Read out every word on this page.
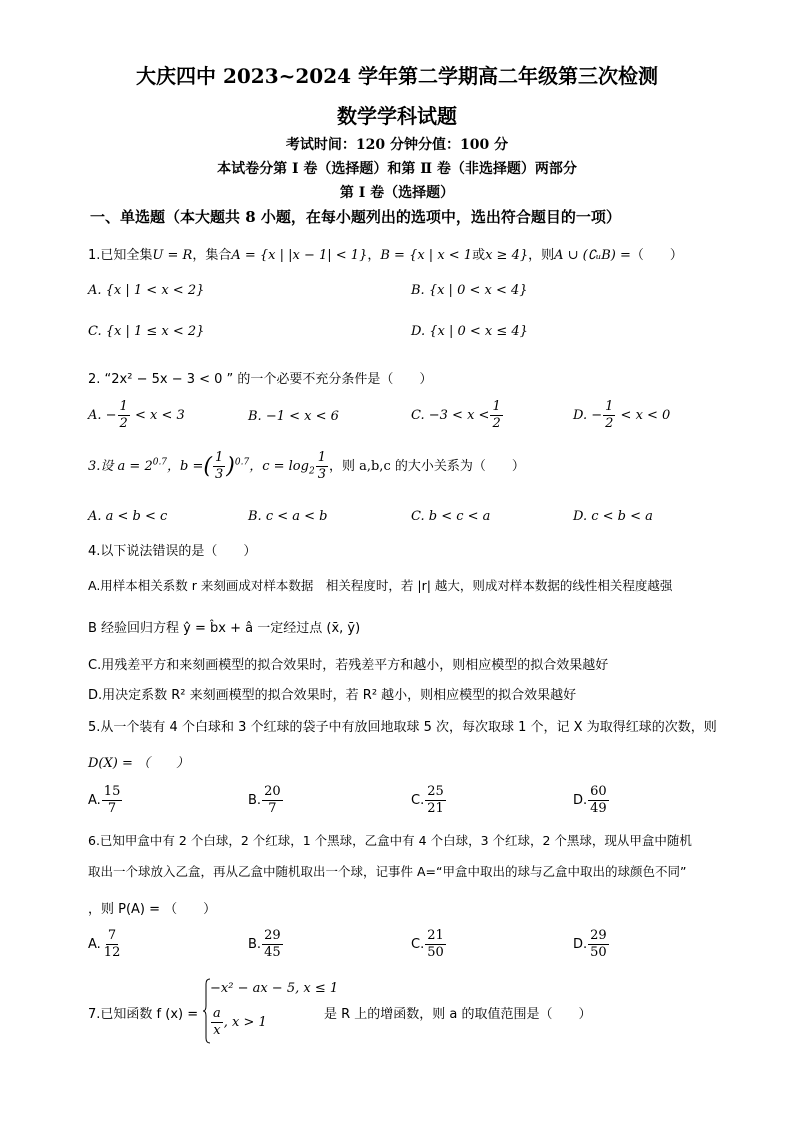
大庆四中 2023~2024 学年第二学期高二年级第三次检测
数学学科试题
考试时间：120 分钟分值：100 分
本试卷分第 Ⅰ 卷（选择题）和第 Ⅱ 卷（非选择题）两部分
第 Ⅰ 卷（选择题）
一、单选题（本大题共 8 小题，在每小题列出的选项中，选出符合题目的一项）
1.已知全集U = R，集合A = {x | |x − 1| < 1}，B = {x | x < 1或x ≥ 4}，则A ∪ (∁ᵤB) =（　　）
A. {x | 1 < x < 2}	B. {x | 0 < x < 4}
C. {x | 1 ≤ x < 2}	D. {x | 0 < x ≤ 4}
2. “2x² − 5x − 3 < 0 ” 的一个必要不充分条件是（　　）
A. − $\frac{1}{2} < x < 3$	B. −1 < x < 6	C. $-3 < x < \frac{1}{2}$	D. − $\frac{1}{2} < x < 0$
3.设 $a = 2^{0.7}$，b =( $\frac{1}{3} )^{0.7}$，$c = \log_2 \frac{1}{3}$ ，则 a,b,c 的大小关系为（　　）
A. a < b < c	B. c < a < b	C. b < c < a	D. c < b < a
4.以下说法错误的是（　　）
A.用样本相关系数 r 来刻画成对样本数据　相关程度时，若 |r| 越大，则成对样本数据的线性相关程度越强
B 经验回归方程 ŷ = b̂x + â 一定经过点 (x̄, ȳ)
C.用残差平方和来刻画模型的拟合效果时，若残差平方和越小，则相应模型的拟合效果越好
D.用决定系数 R² 来刻画模型的拟合效果时，若 R² 越小，则相应模型的拟合效果越好
5.从一个装有 4 个白球和 3 个红球的袋子中有放回地取球 5 次，每次取球 1 个，记 X 为取得红球的次数，则
D(X) = （　　）
A. $\frac{15}{7}$	B. $\frac{20}{7}$	C. $\frac{25}{21}$	D. $\frac{60}{49}$
6.已知甲盒中有 2 个白球，2 个红球，1 个黑球，乙盒中有 4 个白球，3 个红球，2 个黑球，现从甲盒中随机
取出一个球放入乙盒，再从乙盒中随机取出一个球，记事件 A=“甲盒中取出的球与乙盒中取出的球颜色不同”
，则 P(A) = （　　）
A. $\frac{7}{12}$	B. $\frac{29}{45}$	C. $\frac{21}{50}$	D. $\frac{29}{50}$
7.已知函数 f (x) =
−x² − ax − 5, x ≤ 1
$\frac{a}{x}$ , x > 1
是 R 上的增函数，则 a 的取值范围是（　　）
